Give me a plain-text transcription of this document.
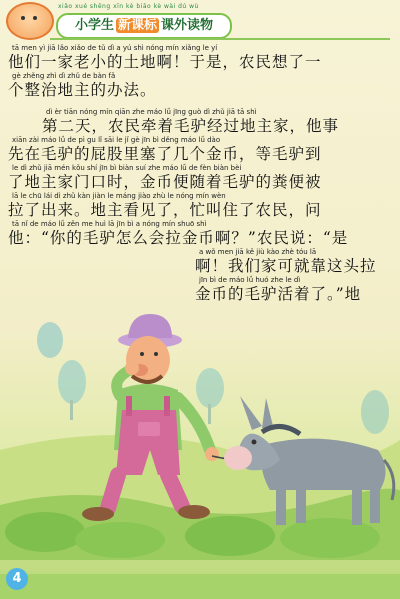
xiǎo xué shēng xīn kè biāo kè wài dú wù
小学生 新课标 课外读物
tā men yì jiā lǎo xiǎo de tǔ dì a yú shì nóng mín xiǎng le yí
他们一家老小的土地啊！于是，农民想了一
gè zhěng zhì dì zhǔ de bàn fǎ
个整治地主的办法。
dì èr tiān nóng mín qiān zhe máo lǘ jīng guò dì zhǔ jiā tā shì
第二天，农民牵着毛驴经过地主家，他事
xiān zài máo lǘ de pì gu lǐ sāi le jǐ gè jīn bì děng máo lǘ dào
先在毛驴的屁股里塞了几个金币，等毛驴到
le dì zhǔ jiā mén kǒu shí jīn bì biàn suí zhe máo lǘ de fèn biàn bèi
了地主家门口时，金币便随着毛驴的粪便被
lā le chū lái dì zhǔ kàn jiàn le máng jiào zhù le nóng mín wèn
拉了出来。地主看见了，忙叫住了农民，问
tā nǐ de máo lǘ zěn me huì lā jīn bì a nóng mín shuō shì
他：“你的毛驴怎么会拉金币啊？”农民说：“是
a wǒ men jiā kě jiù kào zhè tóu lā
啊！我们家可就靠这头拉
jīn bì de máo lǘ huó zhe le dì
金币的毛驴活着了。”地
4
